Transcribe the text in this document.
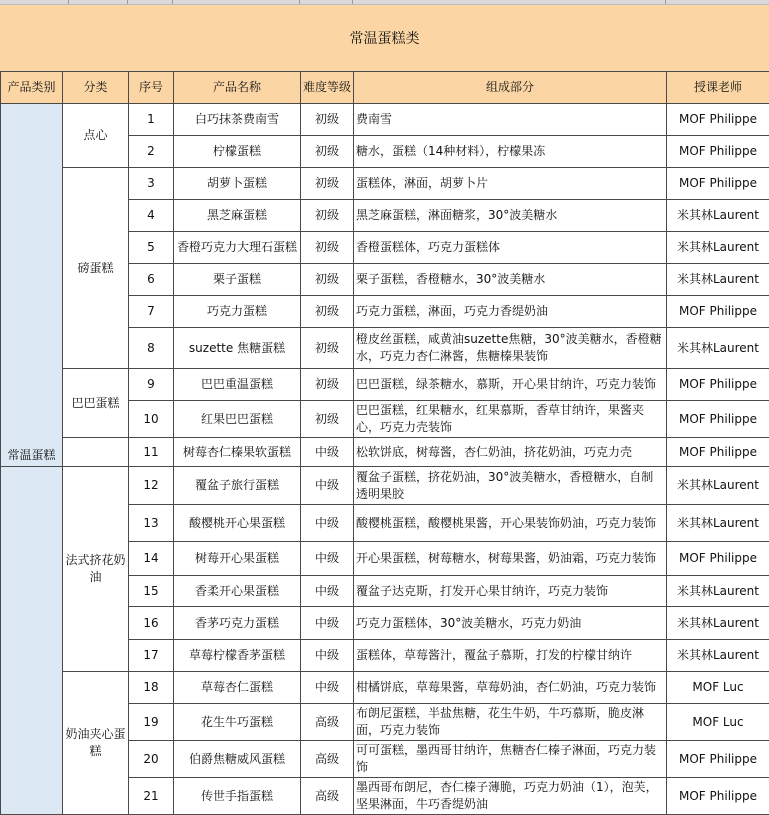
常温蛋糕类
产品类别	分类	序号	产品名称	难度等级	组成部分	授课老师
常温蛋糕	点心	1	白巧抹茶费南雪	初级	费南雪	MOF Philippe
		2	柠檬蛋糕	初级	糖水，蛋糕（14种材料），柠檬果冻	MOF Philippe
	磅蛋糕	3	胡萝卜蛋糕	初级	蛋糕体，淋面，胡萝卜片	MOF Philippe
		4	黑芝麻蛋糕	初级	黑芝麻蛋糕，淋面糖浆，30°波美糖水	米其林Laurent
		5	香橙巧克力大理石蛋糕	初级	香橙蛋糕体，巧克力蛋糕体	米其林Laurent
		6	栗子蛋糕	初级	栗子蛋糕，香橙糖水，30°波美糖水	米其林Laurent
		7	巧克力蛋糕	初级	巧克力蛋糕，淋面，巧克力香缇奶油	MOF Philippe
		8	suzette 焦糖蛋糕	初级	橙皮丝蛋糕，咸黄油suzette焦糖，30°波美糖水，香橙糖水，巧克力杏仁淋酱，焦糖榛果装饰	米其林Laurent
	巴巴蛋糕	9	巴巴重温蛋糕	初级	巴巴蛋糕，绿茶糖水，慕斯，开心果甘纳许，巧克力装饰	MOF Philippe
		10	红果巴巴蛋糕	初级	巴巴蛋糕，红果糖水，红果慕斯，香草甘纳许，果酱夹心，巧克力壳装饰	MOF Philippe
		11	树莓杏仁榛果软蛋糕	中级	松软饼底，树莓酱，杏仁奶油，挤花奶油，巧克力壳	MOF Philippe
	法式挤花奶油	12	覆盆子旅行蛋糕	中级	覆盆子蛋糕，挤花奶油，30°波美糖水，香橙糖水，自制透明果胶	米其林Laurent
		13	酸樱桃开心果蛋糕	中级	酸樱桃蛋糕，酸樱桃果酱，开心果装饰奶油，巧克力装饰	米其林Laurent
		14	树莓开心果蛋糕	中级	开心果蛋糕，树莓糖水，树莓果酱，奶油霜，巧克力装饰	MOF Philippe
		15	香柔开心果蛋糕	中级	覆盆子达克斯，打发开心果甘纳许，巧克力装饰	米其林Laurent
		16	香茅巧克力蛋糕	中级	巧克力蛋糕体，30°波美糖水，巧克力奶油	米其林Laurent
		17	草莓柠檬香茅蛋糕	中级	蛋糕体，草莓酱汁，覆盆子慕斯，打发的柠檬甘纳许	米其林Laurent
	奶油夹心蛋糕	18	草莓杏仁蛋糕	中级	柑橘饼底，草莓果酱，草莓奶油，杏仁奶油，巧克力装饰	MOF Luc
		19	花生牛巧蛋糕	高级	布朗尼蛋糕，半盐焦糖，花生牛奶，牛巧慕斯，脆皮淋面，巧克力装饰	MOF Luc
		20	伯爵焦糖威风蛋糕	高级	可可蛋糕，墨西哥甘纳许，焦糖杏仁榛子淋面，巧克力装饰	MOF Philippe
		21	传世手指蛋糕	高级	墨西哥布朗尼，杏仁榛子薄脆，巧克力奶油（1），泡芙，坚果淋面，牛巧香缇奶油	MOF Philippe
